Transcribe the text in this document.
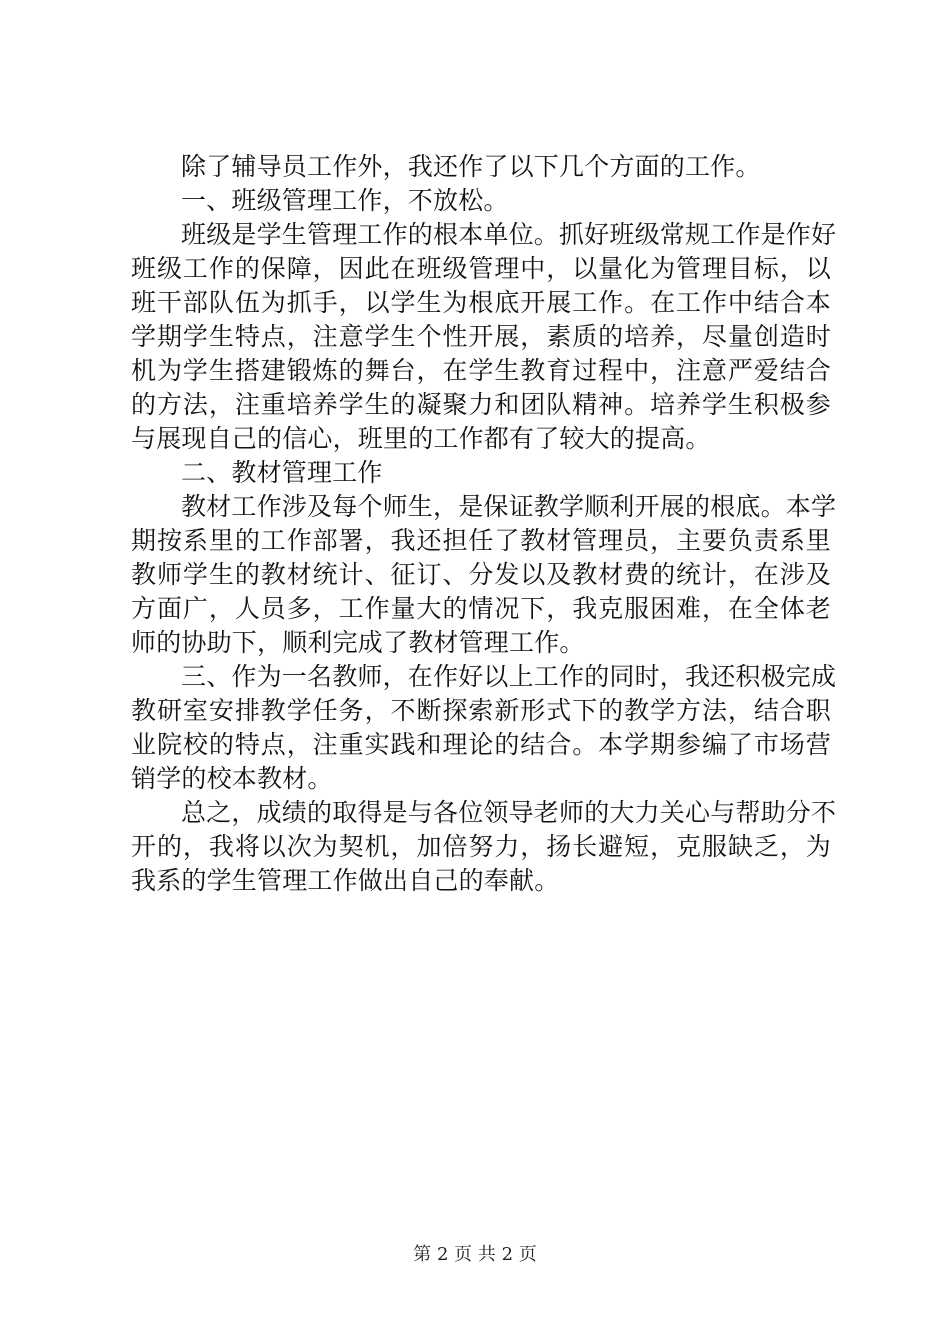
除了辅导员工作外，我还作了以下几个方面的工作。
一、班级管理工作，不放松。
班级是学生管理工作的根本单位。抓好班级常规工作是作好
班级工作的保障，因此在班级管理中，以量化为管理目标，以
班干部队伍为抓手，以学生为根底开展工作。在工作中结合本
学期学生特点，注意学生个性开展，素质的培养，尽量创造时
机为学生搭建锻炼的舞台，在学生教育过程中，注意严爱结合
的方法，注重培养学生的凝聚力和团队精神。培养学生积极参
与展现自己的信心，班里的工作都有了较大的提高。
二、教材管理工作
教材工作涉及每个师生，是保证教学顺利开展的根底。本学
期按系里的工作部署，我还担任了教材管理员，主要负责系里
教师学生的教材统计、征订、分发以及教材费的统计，在涉及
方面广，人员多，工作量大的情况下，我克服困难，在全体老
师的协助下，顺利完成了教材管理工作。
三、作为一名教师，在作好以上工作的同时，我还积极完成
教研室安排教学任务，不断探索新形式下的教学方法，结合职
业院校的特点，注重实践和理论的结合。本学期参编了市场营
销学的校本教材。
总之，成绩的取得是与各位领导老师的大力关心与帮助分不
开的，我将以次为契机，加倍努力，扬长避短，克服缺乏，为
我系的学生管理工作做出自己的奉献。
第 2 页 共 2 页
